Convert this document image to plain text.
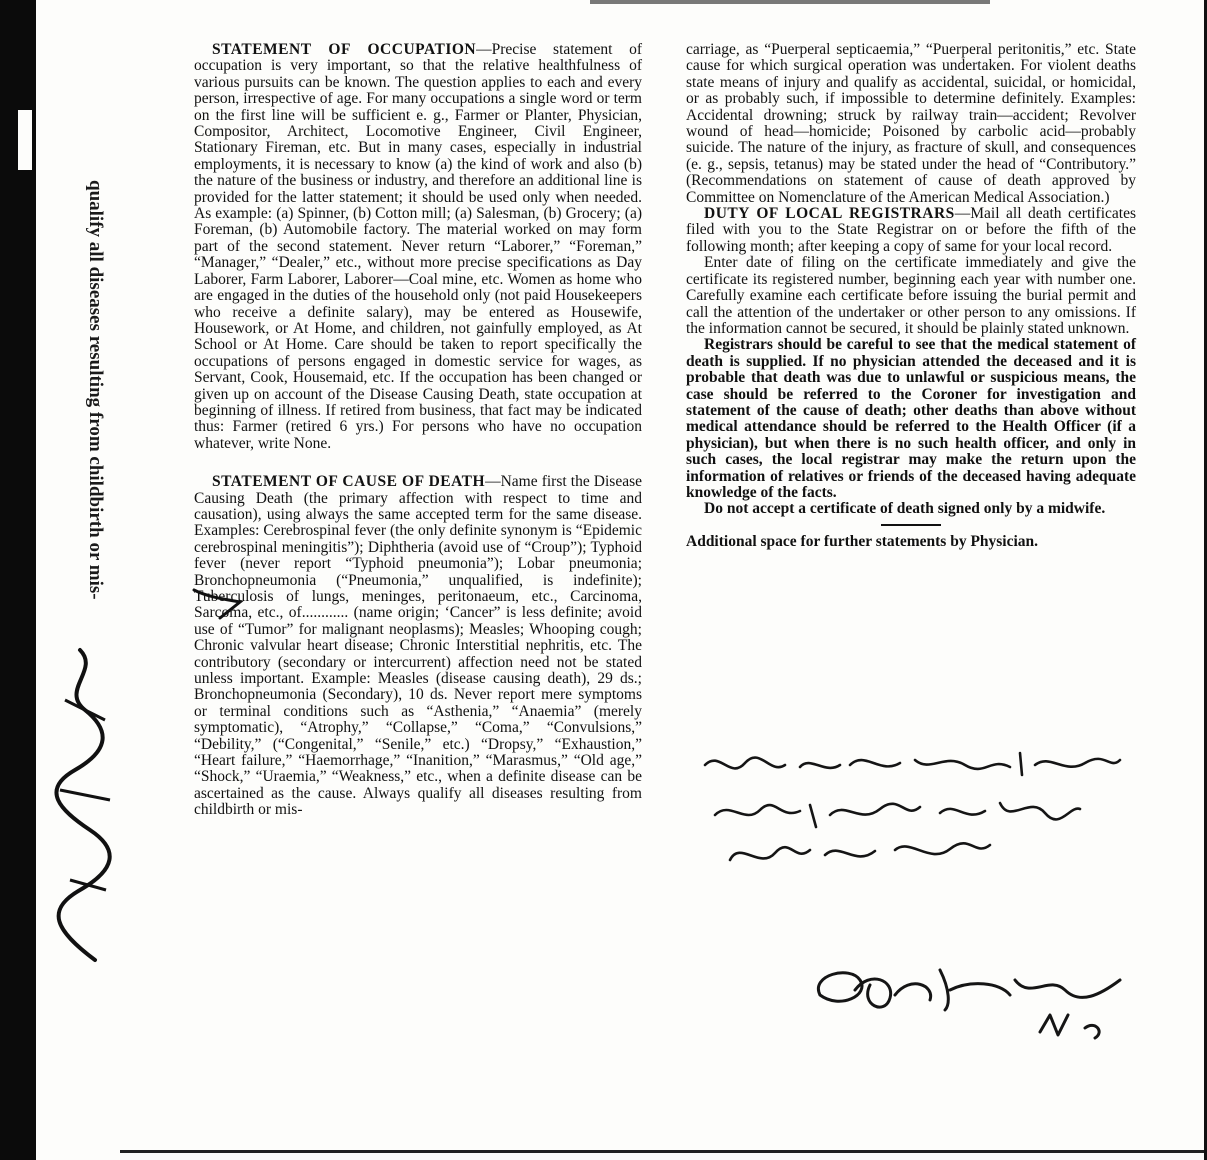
qualify all diseases resulting from childbirth or mis-

STATEMENT OF OCCUPATION—Precise statement of occupation is very important, so that the relative healthfulness of various pursuits can be known. The question applies to each and every person, irrespective of age. For many occupations a single word or term on the first line will be sufficient e. g., Farmer or Planter, Physician, Compositor, Architect, Locomotive Engineer, Civil Engineer, Stationary Fireman, etc. But in many cases, especially in industrial employments, it is necessary to know (a) the kind of work and also (b) the nature of the business or industry, and therefore an additional line is provided for the latter statement; it should be used only when needed. As example: (a) Spinner, (b) Cotton mill; (a) Salesman, (b) Grocery; (a) Foreman, (b) Automobile factory. The material worked on may form part of the second statement. Never return “Laborer,” “Foreman,” “Manager,” “Dealer,” etc., without more precise specifications as Day Laborer, Farm Laborer, Laborer—Coal mine, etc. Women as home who are engaged in the duties of the household only (not paid Housekeepers who receive a definite salary), may be entered as Housewife, Housework, or At Home, and children, not gainfully employed, as At School or At Home. Care should be taken to report specifically the occupations of persons engaged in domestic service for wages, as Servant, Cook, Housemaid, etc. If the occupation has been changed or given up on account of the Disease Causing Death, state occupation at beginning of illness. If retired from business, that fact may be indicated thus: Farmer (retired 6 yrs.) For persons who have no occupation whatever, write None.

STATEMENT OF CAUSE OF DEATH—Name first the Disease Causing Death (the primary affection with respect to time and causation), using always the same accepted term for the same disease. Examples: Cerebrospinal fever (the only definite synonym is “Epidemic cerebrospinal meningitis”); Diphtheria (avoid use of “Croup”); Typhoid fever (never report “Typhoid pneumonia”); Lobar pneumonia; Bronchopneumonia (“Pneumonia,” unqualified, is indefinite); Tuberculosis of lungs, meninges, peritonaeum, etc., Carcinoma, Sarcoma, etc., of............ (name origin; ‘Cancer” is less definite; avoid use of “Tumor” for malignant neoplasms); Measles; Whooping cough; Chronic valvular heart disease; Chronic Interstitial nephritis, etc. The contributory (secondary or intercurrent) affection need not be stated unless important. Example: Measles (disease causing death), 29 ds.; Bronchopneumonia (Secondary), 10 ds. Never report mere symptoms or terminal conditions such as “Asthenia,” “Anaemia” (merely symptomatic), “Atrophy,” “Collapse,” “Coma,” “Convulsions,” “Debility,” (“Congenital,” “Senile,” etc.) “Dropsy,” “Exhaustion,” “Heart failure,” “Haemorrhage,” “Inanition,” “Marasmus,” “Old age,” “Shock,” “Uraemia,” “Weakness,” etc., when a definite disease can be ascertained as the cause. Always qualify all diseases resulting from childbirth or mis-

carriage, as “Puerperal septicaemia,” “Puerperal peritonitis,” etc. State cause for which surgical operation was undertaken. For violent deaths state means of injury and qualify as accidental, suicidal, or homicidal, or as probably such, if impossible to determine definitely. Examples: Accidental drowning; struck by railway train—accident; Revolver wound of head—homicide; Poisoned by carbolic acid—probably suicide. The nature of the injury, as fracture of skull, and consequences (e. g., sepsis, tetanus) may be stated under the head of “Contributory.” (Recommendations on statement of cause of death approved by Committee on Nomenclature of the American Medical Association.)

DUTY OF LOCAL REGISTRARS—Mail all death certificates filed with you to the State Registrar on or before the fifth of the following month; after keeping a copy of same for your local record.

Enter date of filing on the certificate immediately and give the certificate its registered number, beginning each year with number one. Carefully examine each certificate before issuing the burial permit and call the attention of the undertaker or other person to any omissions. If the information cannot be secured, it should be plainly stated unknown.

Registrars should be careful to see that the medical statement of death is supplied. If no physician attended the deceased and it is probable that death was due to unlawful or suspicious means, the case should be referred to the Coroner for investigation and statement of the cause of death; other deaths than above without medical attendance should be referred to the Health Officer (if a physician), but when there is no such health officer, and only in such cases, the local registrar may make the return upon the information of relatives or friends of the deceased having adequate knowledge of the facts.

Do not accept a certificate of death signed only by a midwife.

Additional space for further statements by Physician.
